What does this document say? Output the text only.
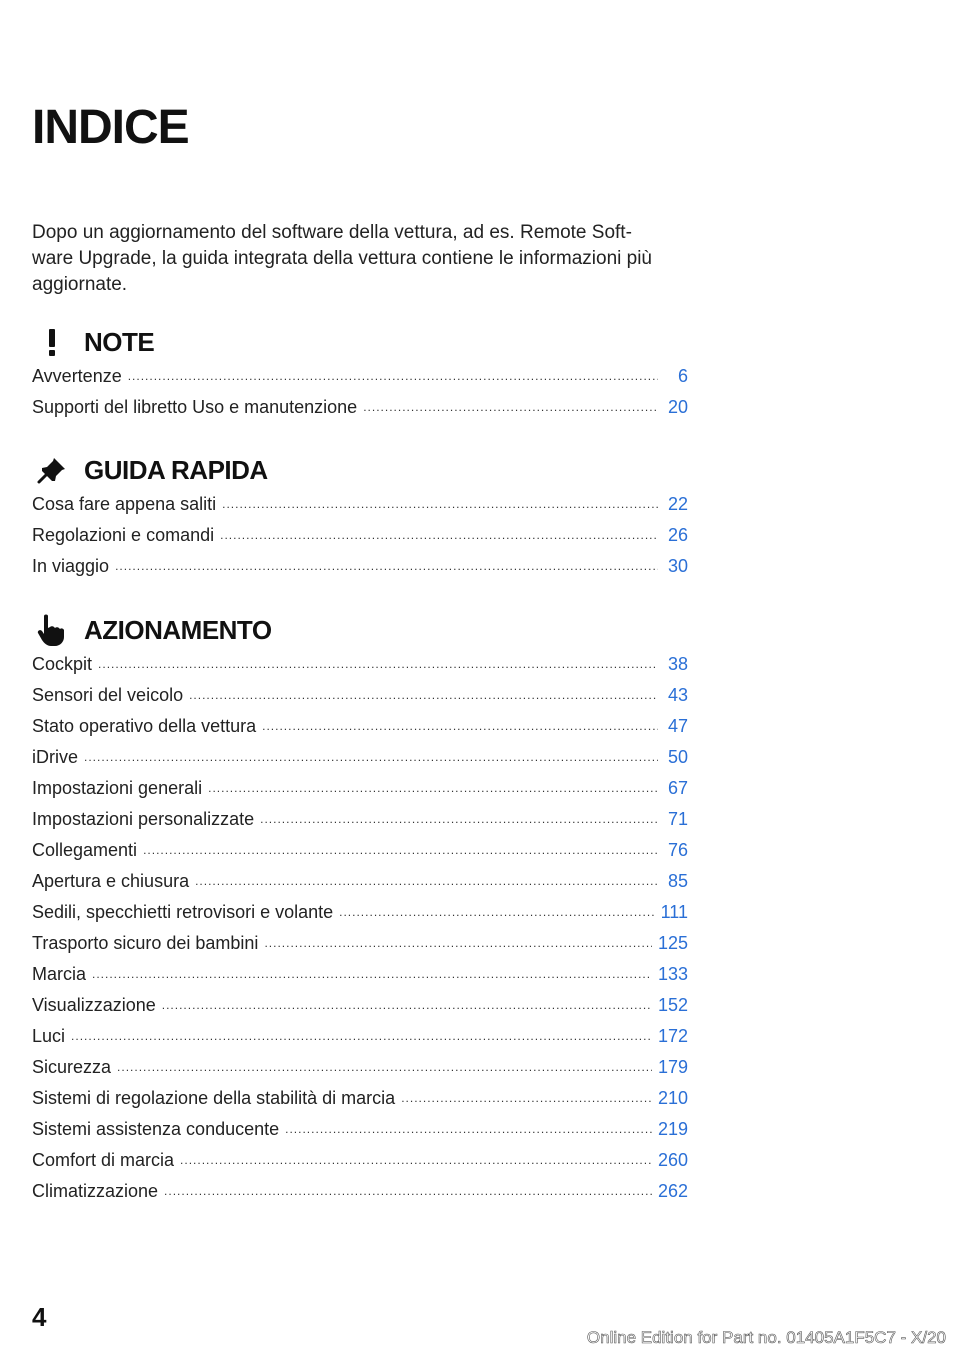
INDICE
Dopo un aggiornamento del software della vettura, ad es. Remote Soft-
ware Upgrade, la guida integrata della vettura contiene le informazioni più
aggiornate.
NOTE
Avvertenze .....	6
Supporti del libretto Uso e manutenzione .....	20
GUIDA RAPIDA
Cosa fare appena saliti .....	22
Regolazioni e comandi .....	26
In viaggio .....	30
AZIONAMENTO
Cockpit .....	38
Sensori del veicolo .....	43
Stato operativo della vettura .....	47
iDrive .....	50
Impostazioni generali .....	67
Impostazioni personalizzate .....	71
Collegamenti .....	76
Apertura e chiusura .....	85
Sedili, specchietti retrovisori e volante .....	111
Trasporto sicuro dei bambini .....	125
Marcia .....	133
Visualizzazione .....	152
Luci .....	172
Sicurezza .....	179
Sistemi di regolazione della stabilità di marcia .....	210
Sistemi assistenza conducente .....	219
Comfort di marcia .....	260
Climatizzazione .....	262
4
Online Edition for Part no. 01405A1F5C7 - X/20
